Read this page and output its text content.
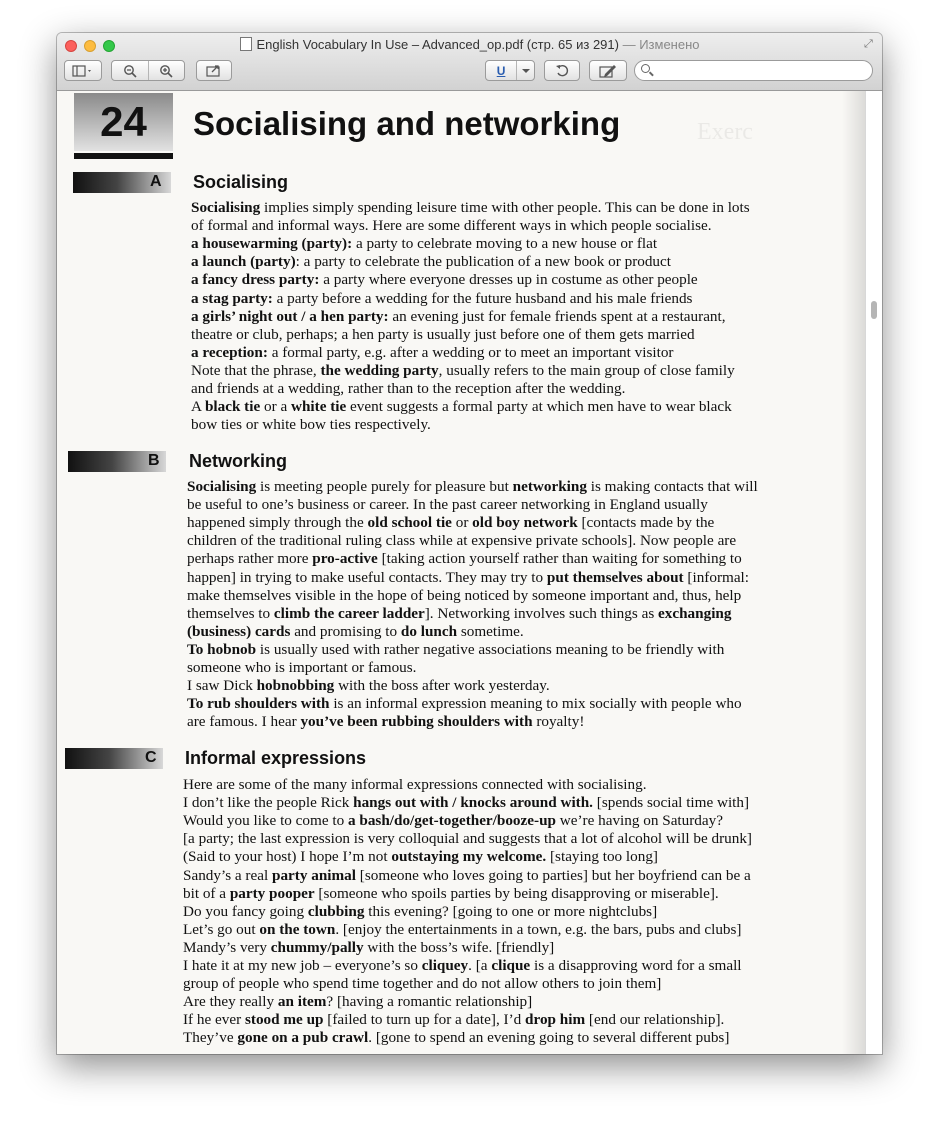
English Vocabulary In Use – Advanced_op.pdf (стр. 65 из 291) — Изменено	⤢
U
Exerc
24	Socialising and networking
A Socialising
Socialising implies simply spending leisure time with other people. This can be done in lots
of formal and informal ways. Here are some different ways in which people socialise.
a housewarming (party): a party to celebrate moving to a new house or flat
a launch (party): a party to celebrate the publication of a new book or product
a fancy dress party: a party where everyone dresses up in costume as other people
a stag party: a party before a wedding for the future husband and his male friends
a girls’ night out / a hen party: an evening just for female friends spent at a restaurant,
theatre or club, perhaps; a hen party is usually just before one of them gets married
a reception: a formal party, e.g. after a wedding or to meet an important visitor
Note that the phrase, the wedding party, usually refers to the main group of close family
and friends at a wedding, rather than to the reception after the wedding.
A black tie or a white tie event suggests a formal party at which men have to wear black
bow ties or white bow ties respectively.
B Networking
Socialising is meeting people purely for pleasure but networking is making contacts that will
be useful to one’s business or career. In the past career networking in England usually
happened simply through the old school tie or old boy network [contacts made by the
children of the traditional ruling class while at expensive private schools]. Now people are
perhaps rather more pro-active [taking action yourself rather than waiting for something to
happen] in trying to make useful contacts. They may try to put themselves about [informal:
make themselves visible in the hope of being noticed by someone important and, thus, help
themselves to climb the career ladder]. Networking involves such things as exchanging
(business) cards and promising to do lunch sometime.
To hobnob is usually used with rather negative associations meaning to be friendly with
someone who is important or famous.
I saw Dick hobnobbing with the boss after work yesterday.
To rub shoulders with is an informal expression meaning to mix socially with people who
are famous. I hear you’ve been rubbing shoulders with royalty!
C Informal expressions
Here are some of the many informal expressions connected with socialising.
I don’t like the people Rick hangs out with / knocks around with. [spends social time with]
Would you like to come to a bash/do/get-together/booze-up we’re having on Saturday?
[a party; the last expression is very colloquial and suggests that a lot of alcohol will be drunk]
(Said to your host) I hope I’m not outstaying my welcome. [staying too long]
Sandy’s a real party animal [someone who loves going to parties] but her boyfriend can be a
bit of a party pooper [someone who spoils parties by being disapproving or miserable].
Do you fancy going clubbing this evening? [going to one or more nightclubs]
Let’s go out on the town. [enjoy the entertainments in a town, e.g. the bars, pubs and clubs]
Mandy’s very chummy/pally with the boss’s wife. [friendly]
I hate it at my new job – everyone’s so cliquey. [a clique is a disapproving word for a small
group of people who spend time together and do not allow others to join them]
Are they really an item? [having a romantic relationship]
If he ever stood me up [failed to turn up for a date], I’d drop him [end our relationship].
They’ve gone on a pub crawl. [gone to spend an evening going to several different pubs]
